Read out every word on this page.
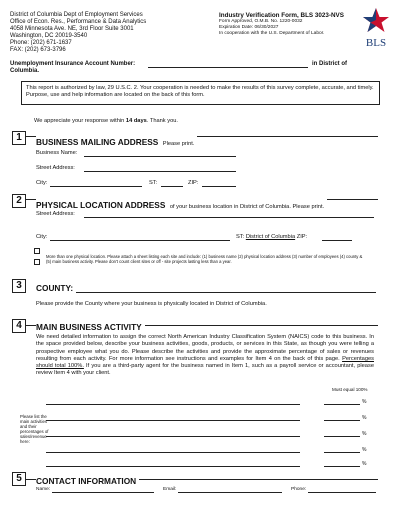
District of Columbia Dept of Employment Services
Office of Econ. Res., Performance & Data Analytics
4058 Minnesota Ave. NE, 3rd Floor Suite 3001
Washington, DC 20019-3540
Phone: (202) 671-1637
FAX: (202) 673-3796
Industry Verification Form, BLS 3023-NVS
Form Approved, O.M.B. No. 1220-0032
Expiration Date: 06/30/2027
In cooperation with the U.S. Department of Labor.
BLS
Unemployment Insurance Account Number:	in District of
Columbia.
This report is authorized by law, 29 U.S.C. 2. Your cooperation is needed to make the results of this survey complete, accurate, and timely. Purpose, use and help information are located on the back of this form.
We appreciate your response within 14 days. Thank you.
1	BUSINESS MAILING ADDRESS Please print.
Business Name:
Street Address:
City:	ST:	ZIP:
2	PHYSICAL LOCATION ADDRESS of your business location in District of Columbia. Please print.
Street Address:
City:	ST: District of Columbia ZIP:
More than one physical location. Please attach a sheet listing each site and include: (1) business name (2) physical location address (3) number of employees (4) county & (5) main business activity. Please don't count client sites or off - site projects lasting less than a year.
3	COUNTY:
Please provide the County where your business is physically located in District of Columbia.
4	MAIN BUSINESS ACTIVITY
We need detailed information to assign the correct North American Industry Classification System (NAICS) code to this business. In the space provided below, describe your business activities, goods, products, or services in this State, as though you were telling a prospective employee what you do. Please describe the activities and provide the approximate percentage of sales or revenues resulting from each activity. For more information see instructions and examples for Item 4 on the back of this page. Percentages should total 100%. If you are a third-party agent for the business named in Item 1, such as a payroll service or accountant, please review Item 4 with your client.
Must equal 100%
Please list the main activities and their percentages of sales/revenue here:
%
%
%
%
%
5	CONTACT INFORMATION
Name:	Email:	Phone:
